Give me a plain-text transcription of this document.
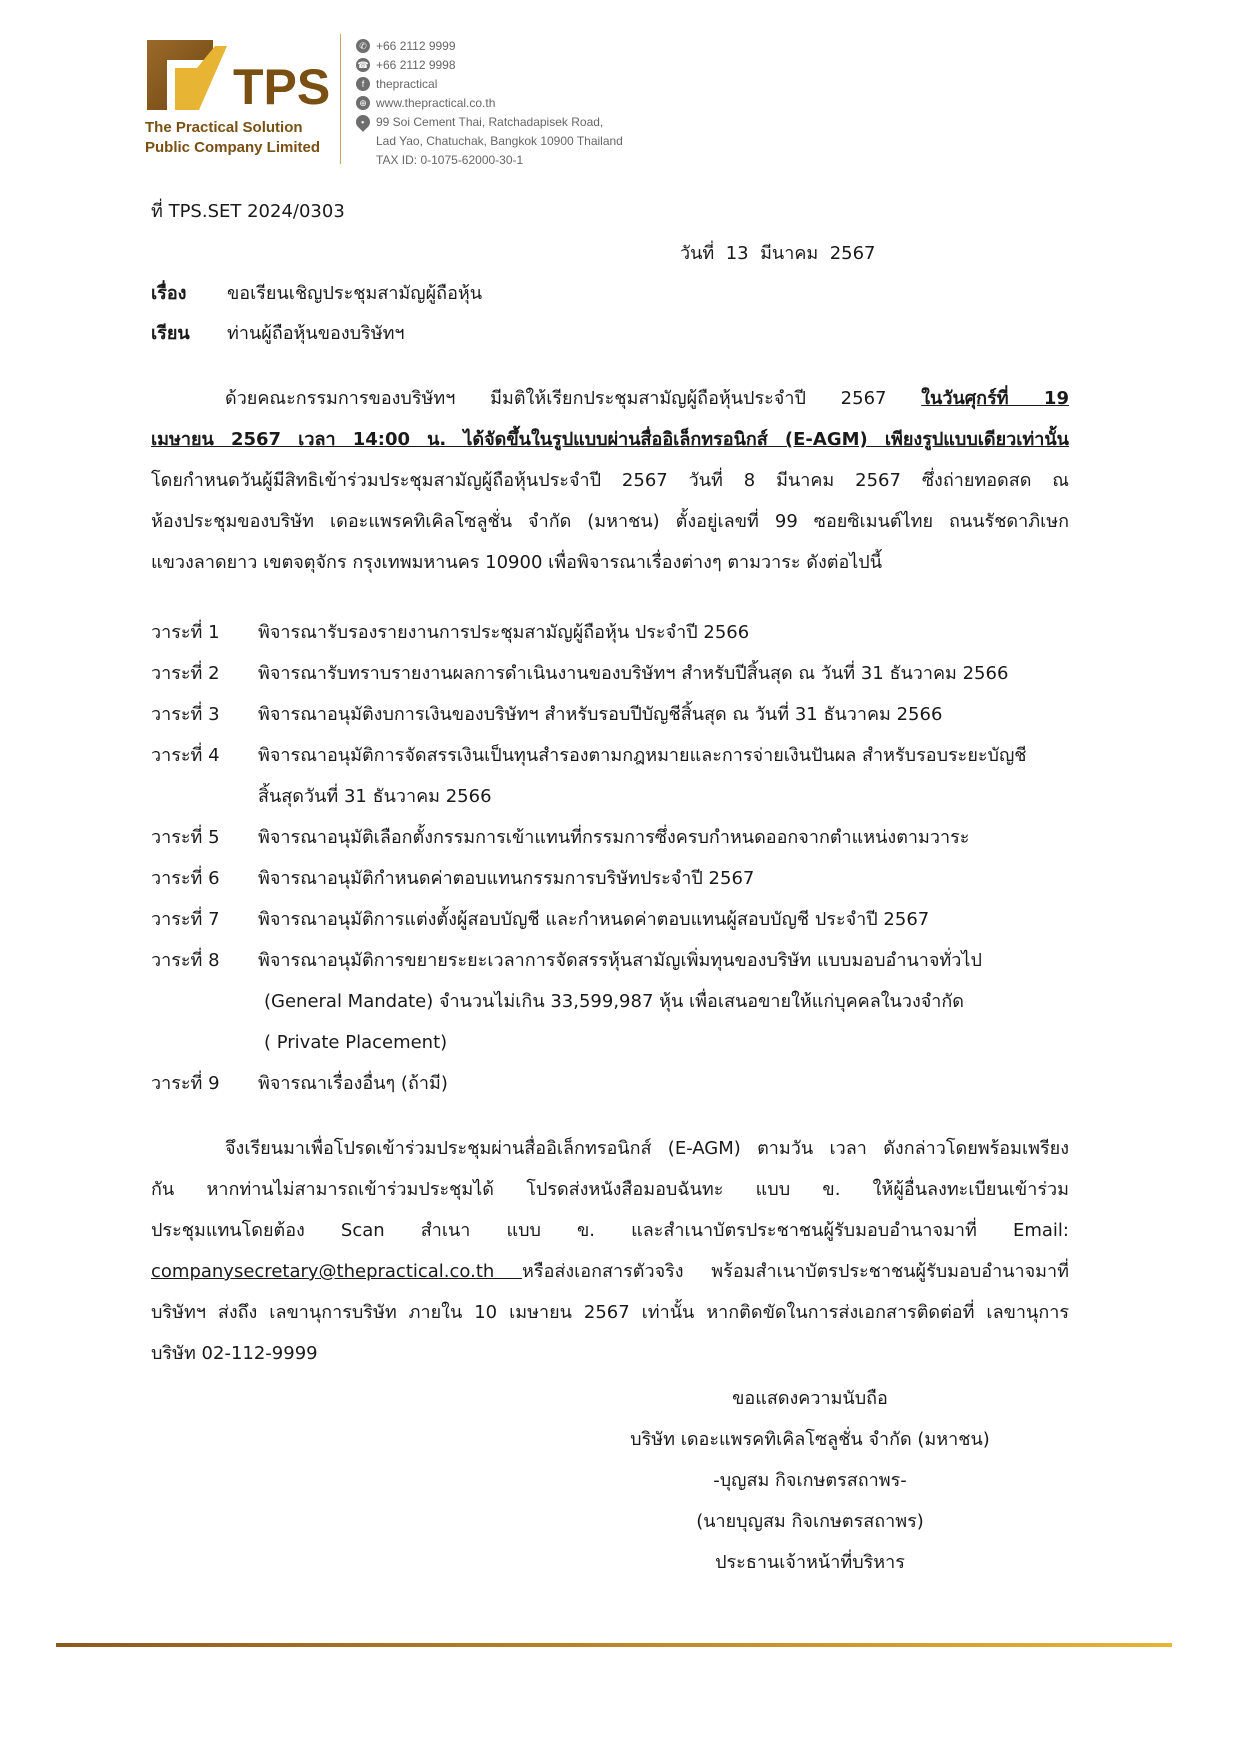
TPS
The Practical Solution
Public Company Limited
✆ +66 2112 9999
☎ +66 2112 9998
f thepractical
⊕ www.thepractical.co.th
• 99 Soi Cement Thai, Ratchadapisek Road,
Lad Yao, Chatuchak, Bangkok 10900 Thailand
TAX ID: 0-1075-62000-30-1
ที่ TPS.SET 2024/0303
วันที่  13  มีนาคม  2567
เรื่อง	ขอเรียนเชิญประชุมสามัญผู้ถือหุ้น
เรียน	ท่านผู้ถือหุ้นของบริษัทฯ
ด้วยคณะกรรมการของบริษัทฯ มีมติให้เรียกประชุมสามัญผู้ถือหุ้นประจำปี 2567 ในวันศุกร์ที่ 19
เมษายน 2567 เวลา 14:00 น. ได้จัดขึ้นในรูปแบบผ่านสื่ออิเล็กทรอนิกส์ (E-AGM) เพียงรูปแบบเดียวเท่านั้น
โดยกำหนดวันผู้มีสิทธิเข้าร่วมประชุมสามัญผู้ถือหุ้นประจำปี 2567 วันที่ 8 มีนาคม 2567 ซึ่งถ่ายทอดสด ณ
ห้องประชุมของบริษัท เดอะแพรคทิเคิลโซลูชั่น จำกัด (มหาชน) ตั้งอยู่เลขที่ 99 ซอยซิเมนต์ไทย ถนนรัชดาภิเษก
แขวงลาดยาว เขตจตุจักร กรุงเทพมหานคร 10900 เพื่อพิจารณาเรื่องต่างๆ ตามวาระ ดังต่อไปนี้
วาระที่ 1	พิจารณารับรองรายงานการประชุมสามัญผู้ถือหุ้น ประจำปี 2566
วาระที่ 2	พิจารณารับทราบรายงานผลการดำเนินงานของบริษัทฯ สำหรับปีสิ้นสุด ณ วันที่ 31 ธันวาคม 2566
วาระที่ 3	พิจารณาอนุมัติงบการเงินของบริษัทฯ สำหรับรอบปีบัญชีสิ้นสุด ณ วันที่ 31 ธันวาคม 2566
วาระที่ 4	พิจารณาอนุมัติการจัดสรรเงินเป็นทุนสำรองตามกฎหมายและการจ่ายเงินปันผล สำหรับรอบระยะบัญชี
สิ้นสุดวันที่ 31 ธันวาคม 2566
วาระที่ 5	พิจารณาอนุมัติเลือกตั้งกรรมการเข้าแทนที่กรรมการซึ่งครบกำหนดออกจากตำแหน่งตามวาระ
วาระที่ 6	พิจารณาอนุมัติกำหนดค่าตอบแทนกรรมการบริษัทประจำปี 2567
วาระที่ 7	พิจารณาอนุมัติการแต่งตั้งผู้สอบบัญชี และกำหนดค่าตอบแทนผู้สอบบัญชี ประจำปี 2567
วาระที่ 8	พิจารณาอนุมัติการขยายระยะเวลาการจัดสรรหุ้นสามัญเพิ่มทุนของบริษัท แบบมอบอำนาจทั่วไป
(General Mandate) จำนวนไม่เกิน 33,599,987 หุ้น เพื่อเสนอขายให้แก่บุคคลในวงจำกัด
( Private Placement)
วาระที่ 9	พิจารณาเรื่องอื่นๆ (ถ้ามี)
จึงเรียนมาเพื่อโปรดเข้าร่วมประชุมผ่านสื่ออิเล็กทรอนิกส์ (E-AGM) ตามวัน เวลา ดังกล่าวโดยพร้อมเพรียง
กัน หากท่านไม่สามารถเข้าร่วมประชุมได้ โปรดส่งหนังสือมอบฉันทะ แบบ ข. ให้ผู้อื่นลงทะเบียนเข้าร่วม
ประชุมแทนโดยต้อง Scan สำเนา แบบ ข. และสำเนาบัตรประชาชนผู้รับมอบอำนาจมาที่ Email:
companysecretary@thepractical.co.th หรือส่งเอกสารตัวจริง พร้อมสำเนาบัตรประชาชนผู้รับมอบอำนาจมาที่
บริษัทฯ ส่งถึง เลขานุการบริษัท ภายใน 10 เมษายน 2567 เท่านั้น หากติดขัดในการส่งเอกสารติดต่อที่ เลขานุการ
บริษัท 02-112-9999
ขอแสดงความนับถือ
บริษัท เดอะแพรคทิเคิลโซลูชั่น จำกัด (มหาชน)
-บุญสม กิจเกษตรสถาพร-
(นายบุญสม กิจเกษตรสถาพร)
ประธานเจ้าหน้าที่บริหาร
